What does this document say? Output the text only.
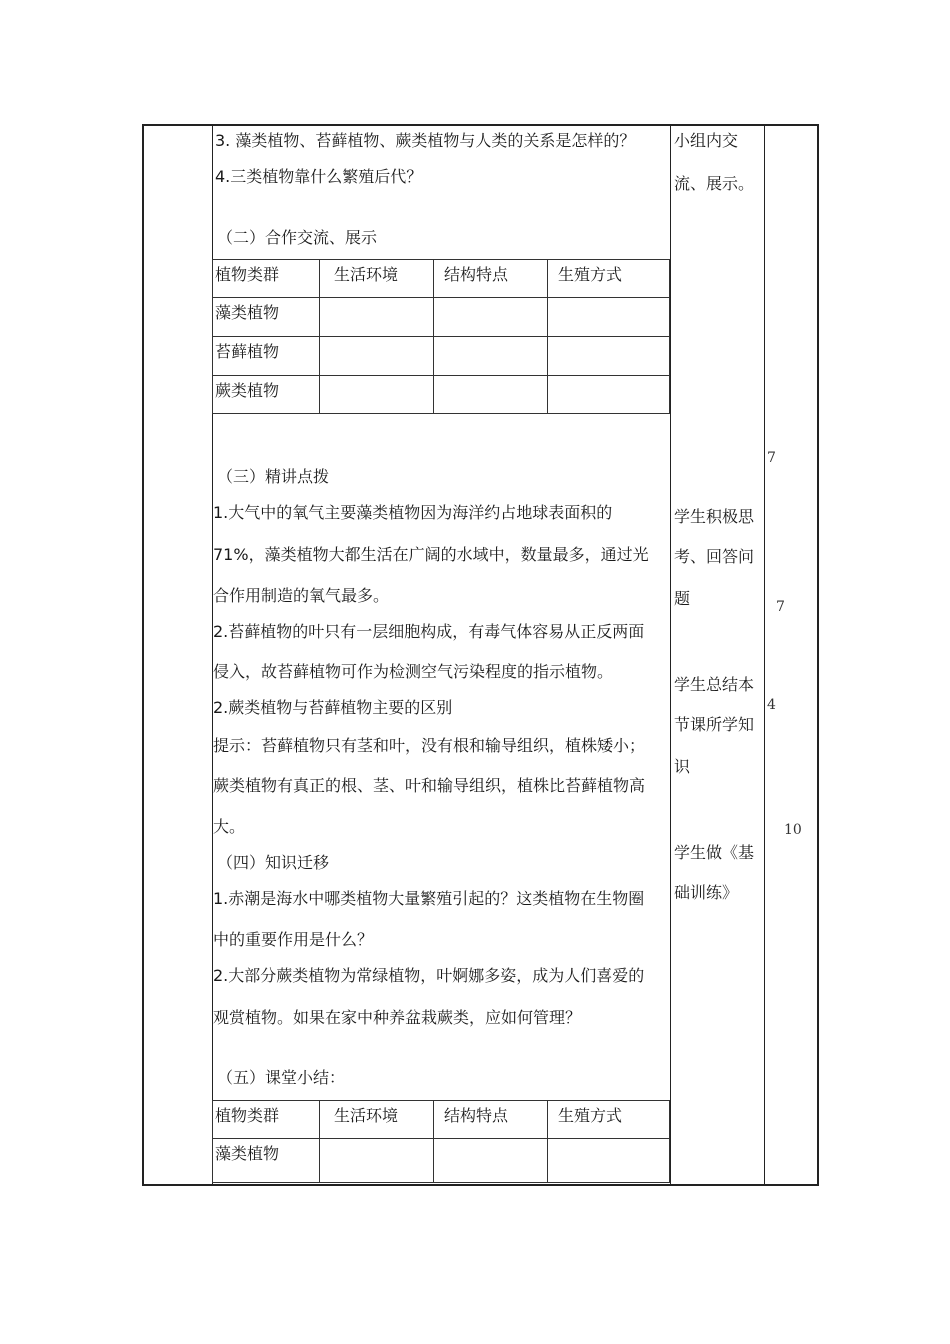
3. 藻类植物、苔藓植物、蕨类植物与人类的关系是怎样的？
4.三类植物靠什么繁殖后代？
（二）合作交流、展示
植物类群	生活环境	结构特点	生殖方式
藻类植物			
苔藓植物			
蕨类植物			
（三）精讲点拨
1.大气中的氧气主要藻类植物因为海洋约占地球表面积的
71%，藻类植物大都生活在广阔的水域中，数量最多，通过光
合作用制造的氧气最多。
2.苔藓植物的叶只有一层细胞构成，有毒气体容易从正反两面
侵入，故苔藓植物可作为检测空气污染程度的指示植物。
2.蕨类植物与苔藓植物主要的区别
提示：苔藓植物只有茎和叶，没有根和输导组织，植株矮小；
蕨类植物有真正的根、茎、叶和输导组织，植株比苔藓植物高
大。
（四）知识迁移
1.赤潮是海水中哪类植物大量繁殖引起的？这类植物在生物圈
中的重要作用是什么？
2.大部分蕨类植物为常绿植物，叶婀娜多姿，成为人们喜爱的
观赏植物。如果在家中种养盆栽蕨类，应如何管理？
（五）课堂小结：
植物类群	生活环境	结构特点	生殖方式
藻类植物			
小组内交
流、展示。
学生积极思
考、回答问
题
学生总结本
节课所学知
识
学生做《基
础训练》
7
7
4
10
